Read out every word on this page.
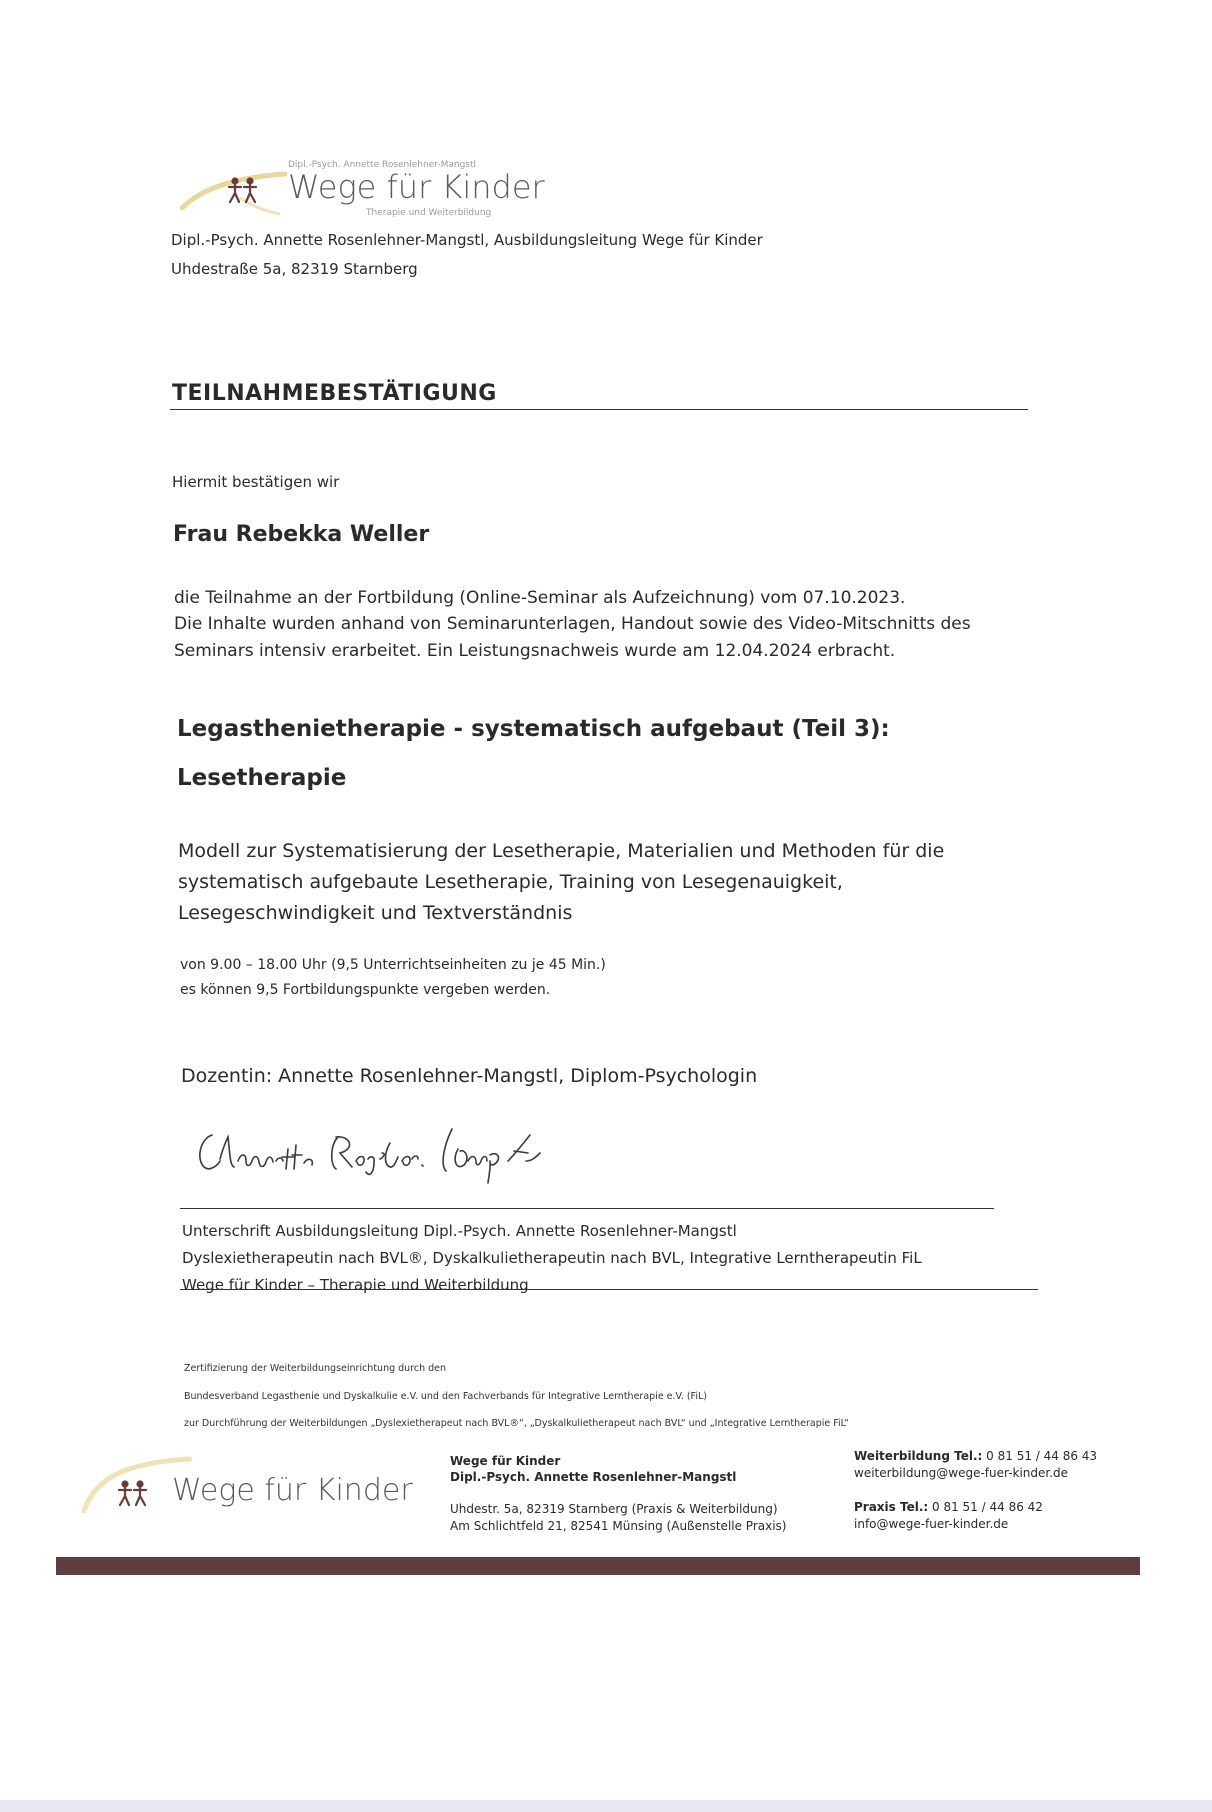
Dipl.-Psych. Annette Rosenlehner-Mangstl
Wege für Kinder
Therapie und Weiterbildung
Dipl.-Psych. Annette Rosenlehner-Mangstl, Ausbildungsleitung Wege für Kinder
Uhdestraße 5a, 82319 Starnberg
TEILNAHMEBESTÄTIGUNG
Hiermit bestätigen wir
Frau Rebekka Weller
die Teilnahme an der Fortbildung (Online-Seminar als Aufzeichnung) vom 07.10.2023.
Die Inhalte wurden anhand von Seminarunterlagen, Handout sowie des Video-Mitschnitts des
Seminars intensiv erarbeitet. Ein Leistungsnachweis wurde am 12.04.2024 erbracht.
Legasthenietherapie - systematisch aufgebaut (Teil 3):
Lesetherapie
Modell zur Systematisierung der Lesetherapie, Materialien und Methoden für die
systematisch aufgebaute Lesetherapie, Training von Lesegenauigkeit,
Lesegeschwindigkeit und Textverständnis
von 9.00 – 18.00 Uhr (9,5 Unterrichtseinheiten zu je 45 Min.)
es können 9,5 Fortbildungspunkte vergeben werden.
Dozentin: Annette Rosenlehner-Mangstl, Diplom-Psychologin
Unterschrift Ausbildungsleitung Dipl.-Psych. Annette Rosenlehner-Mangstl
Dyslexietherapeutin nach BVL®, Dyskalkulietherapeutin nach BVL, Integrative Lerntherapeutin FiL
Wege für Kinder – Therapie und Weiterbildung
Zertifizierung der Weiterbildungseinrichtung durch den
Bundesverband Legasthenie und Dyskalkulie e.V. und den Fachverbands für Integrative Lerntherapie e.V. (FiL)
zur Durchführung der Weiterbildungen „Dyslexietherapeut nach BVL®“, „Dyskalkulietherapeut nach BVL“ und „Integrative Lerntherapie FiL“
Wege für Kinder
Wege für Kinder
Dipl.-Psych. Annette Rosenlehner-Mangstl
Uhdestr. 5a, 82319 Starnberg (Praxis & Weiterbildung)
Am Schlichtfeld 21, 82541 Münsing (Außenstelle Praxis)
Weiterbildung Tel.: 0 81 51 / 44 86 43
weiterbildung@wege-fuer-kinder.de
Praxis Tel.: 0 81 51 / 44 86 42
info@wege-fuer-kinder.de
